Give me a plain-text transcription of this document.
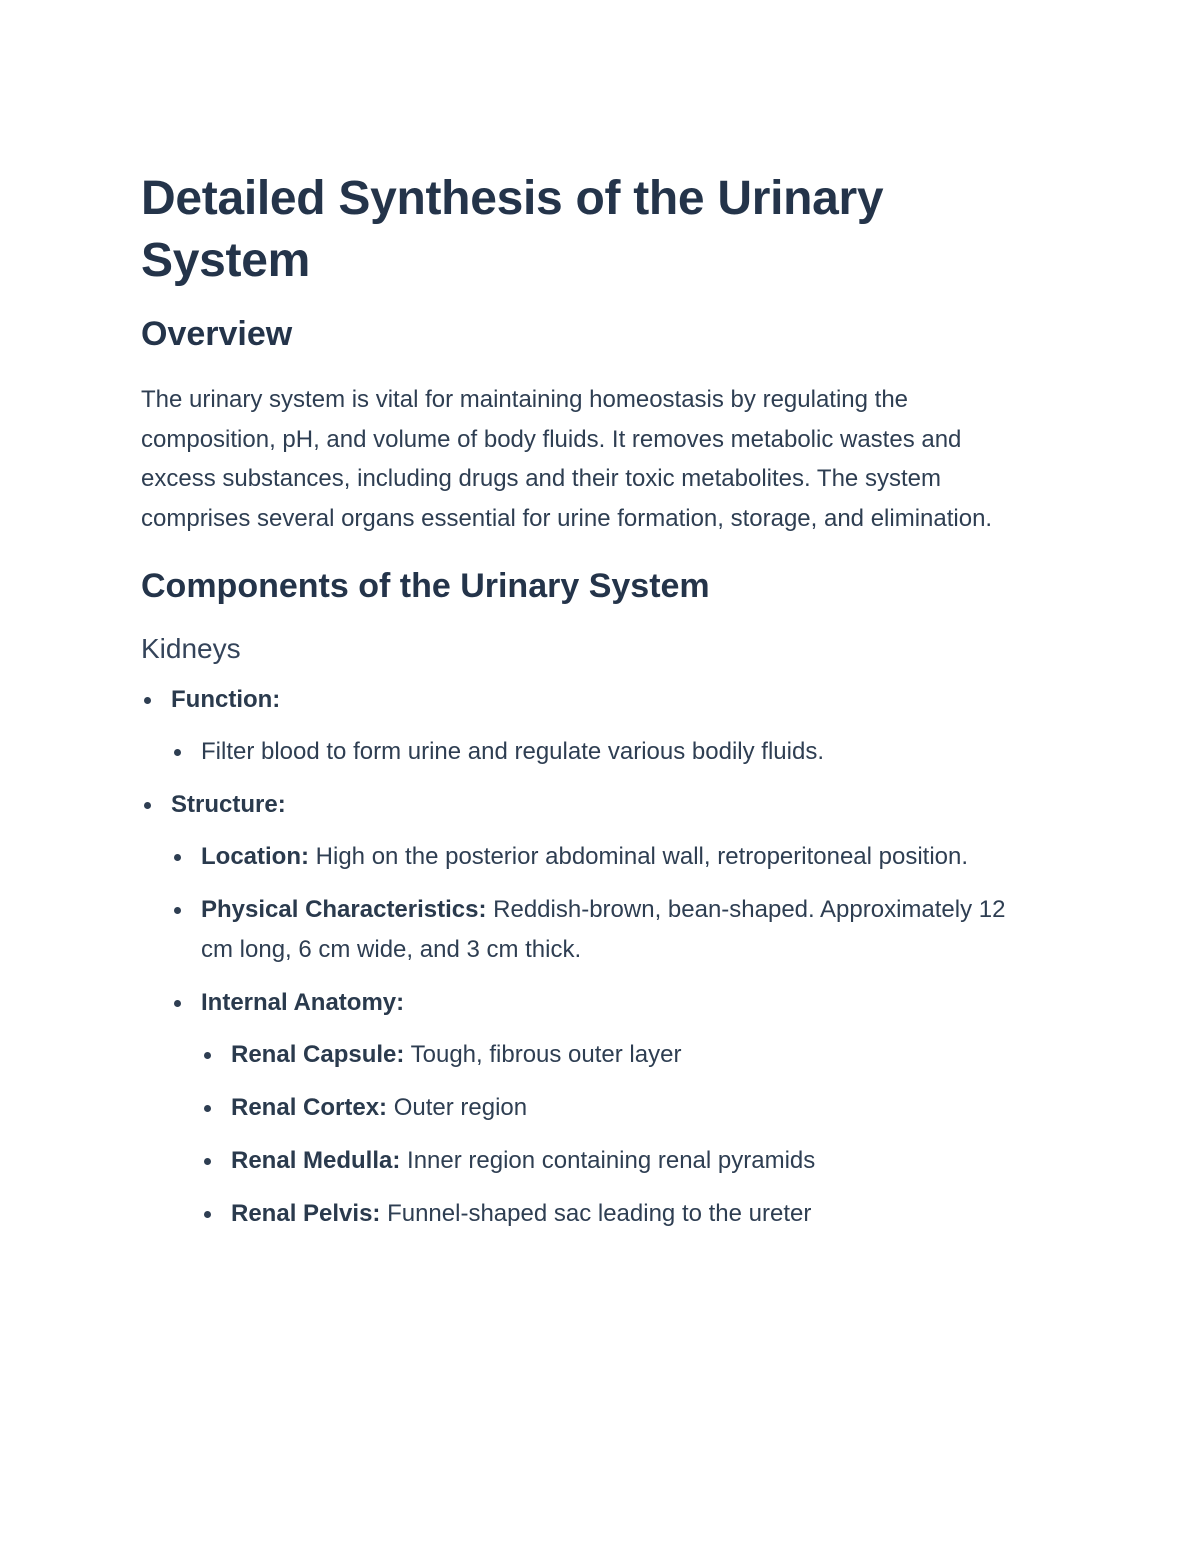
Detailed Synthesis of the Urinary System
Overview

The urinary system is vital for maintaining homeostasis by regulating the composition, pH, and volume of body fluids. It removes metabolic wastes and excess substances, including drugs and their toxic metabolites. The system comprises several organs essential for urine formation, storage, and elimination.

Components of the Urinary System
Kidneys
Function:
Filter blood to form urine and regulate various bodily fluids.
Structure:
Location: High on the posterior abdominal wall, retroperitoneal position.
Physical Characteristics: Reddish-brown, bean-shaped. Approximately 12 cm long, 6 cm wide, and 3 cm thick.
Internal Anatomy:
Renal Capsule: Tough, fibrous outer layer
Renal Cortex: Outer region
Renal Medulla: Inner region containing renal pyramids
Renal Pelvis: Funnel-shaped sac leading to the ureter
